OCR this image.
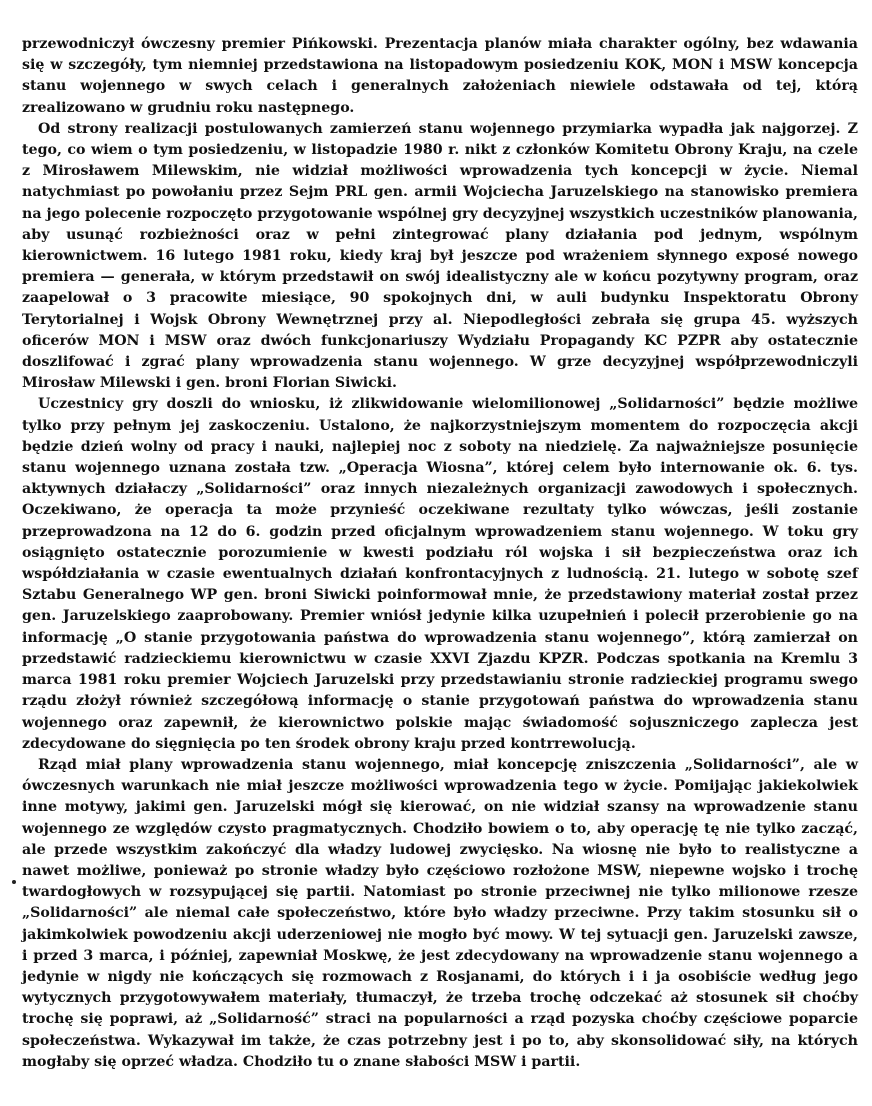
przewodniczył ówczesny premier Pińkowski. Prezentacja planów miała charakter ogólny, bez wdawania się w szczegóły, tym niemniej przedstawiona na listopadowym posiedzeniu KOK, MON i MSW koncepcja stanu wojennego w swych celach i generalnych założeniach niewiele odstawała od tej, którą zrealizowano w grudniu roku następnego.

Od strony realizacji postulowanych zamierzeń stanu wojennego przymiarka wypadła jak najgorzej. Z tego, co wiem o tym posiedzeniu, w listopadzie 1980 r. nikt z członków Komitetu Obrony Kraju, na czele z Mirosławem Milewskim, nie widział możliwości wprowadzenia tych koncepcji w życie. Niemal natychmiast po powołaniu przez Sejm PRL gen. armii Wojciecha Jaruzelskiego na stanowisko premiera na jego polecenie rozpoczęto przygotowanie wspólnej gry decyzyjnej wszystkich uczestników planowania, aby usunąć rozbieżności oraz w pełni zintegrować plany działania pod jednym, wspólnym kierownictwem. 16 lutego 1981 roku, kiedy kraj był jeszcze pod wrażeniem słynnego exposé nowego premiera — generała, w którym przedstawił on swój idealistyczny ale w końcu pozytywny program, oraz zaapelował o 3 pracowite miesiące, 90 spokojnych dni, w auli budynku Inspektoratu Obrony Terytorialnej i Wojsk Obrony Wewnętrznej przy al. Niepodległości zebrała się grupa 45. wyższych oficerów MON i MSW oraz dwóch funkcjonariuszy Wydziału Propagandy KC PZPR aby ostatecznie doszlifować i zgrać plany wprowadzenia stanu wojennego. W grze decyzyjnej współprzewodniczyli Mirosław Milewski i gen. broni Florian Siwicki.

Uczestnicy gry doszli do wniosku, iż zlikwidowanie wielomilionowej „Solidarności” będzie możliwe tylko przy pełnym jej zaskoczeniu. Ustalono, że najkorzystniejszym momentem do rozpoczęcia akcji będzie dzień wolny od pracy i nauki, najlepiej noc z soboty na niedzielę. Za najważniejsze posunięcie stanu wojennego uznana została tzw. „Operacja Wiosna”, której celem było internowanie ok. 6. tys. aktywnych działaczy „Solidarności” oraz innych niezależnych organizacji zawodowych i społecznych. Oczekiwano, że operacja ta może przynieść oczekiwane rezultaty tylko wówczas, jeśli zostanie przeprowadzona na 12 do 6. godzin przed oficjalnym wprowadzeniem stanu wojennego. W toku gry osiągnięto ostatecznie porozumienie w kwesti podziału ról wojska i sił bezpieczeństwa oraz ich współdziałania w czasie ewentualnych działań konfrontacyjnych z ludnością. 21. lutego w sobotę szef Sztabu Generalnego WP gen. broni Siwicki poinformował mnie, że przedstawiony materiał został przez gen. Jaruzelskiego zaaprobowany. Premier wniósł jedynie kilka uzupełnień i polecił przerobienie go na informację „O stanie przygotowania państwa do wprowadzenia stanu wojennego”, którą zamierzał on przedstawić radzieckiemu kierownictwu w czasie XXVI Zjazdu KPZR. Podczas spotkania na Kremlu 3 marca 1981 roku premier Wojciech Jaruzelski przy przedstawianiu stronie radzieckiej programu swego rządu złożył również szczegółową informację o stanie przygotowań państwa do wprowadzenia stanu wojennego oraz zapewnił, że kierownictwo polskie mając świadomość sojuszniczego zaplecza jest zdecydowane do sięgnięcia po ten środek obrony kraju przed kontrrewolucją.

Rząd miał plany wprowadzenia stanu wojennego, miał koncepcję zniszczenia „Solidarności”, ale w ówczesnych warunkach nie miał jeszcze możliwości wprowadzenia tego w życie. Pomijając jakiekolwiek inne motywy, jakimi gen. Jaruzelski mógł się kierować, on nie widział szansy na wprowadzenie stanu wojennego ze względów czysto pragmatycznych. Chodziło bowiem o to, aby operację tę nie tylko zacząć, ale przede wszystkim zakończyć dla władzy ludowej zwycięsko. Na wiosnę nie było to realistyczne a nawet możliwe, ponieważ po stronie władzy było częściowo rozłożone MSW, niepewne wojsko i trochę twardogłowych w rozsypującej się partii. Natomiast po stronie przeciwnej nie tylko milionowe rzesze „Solidarności” ale niemal całe społeczeństwo, które było władzy przeciwne. Przy takim stosunku sił o jakimkolwiek powodzeniu akcji uderzeniowej nie mogło być mowy. W tej sytuacji gen. Jaruzelski zawsze, i przed 3 marca, i później, zapewniał Moskwę, że jest zdecydowany na wprowadzenie stanu wojennego a jedynie w nigdy nie kończących się rozmowach z Rosjanami, do których i i ja osobiście według jego wytycznych przygotowywałem materiały, tłumaczył, że trzeba trochę odczekać aż stosunek sił choćby trochę się poprawi, aż „Solidarność” straci na popularności a rząd pozyska choćby częściowe poparcie społeczeństwa. Wykazywał im także, że czas potrzebny jest i po to, aby skonsolidować siły, na których mogłaby się oprzeć władza. Chodziło tu o znane słabości MSW i partii.
